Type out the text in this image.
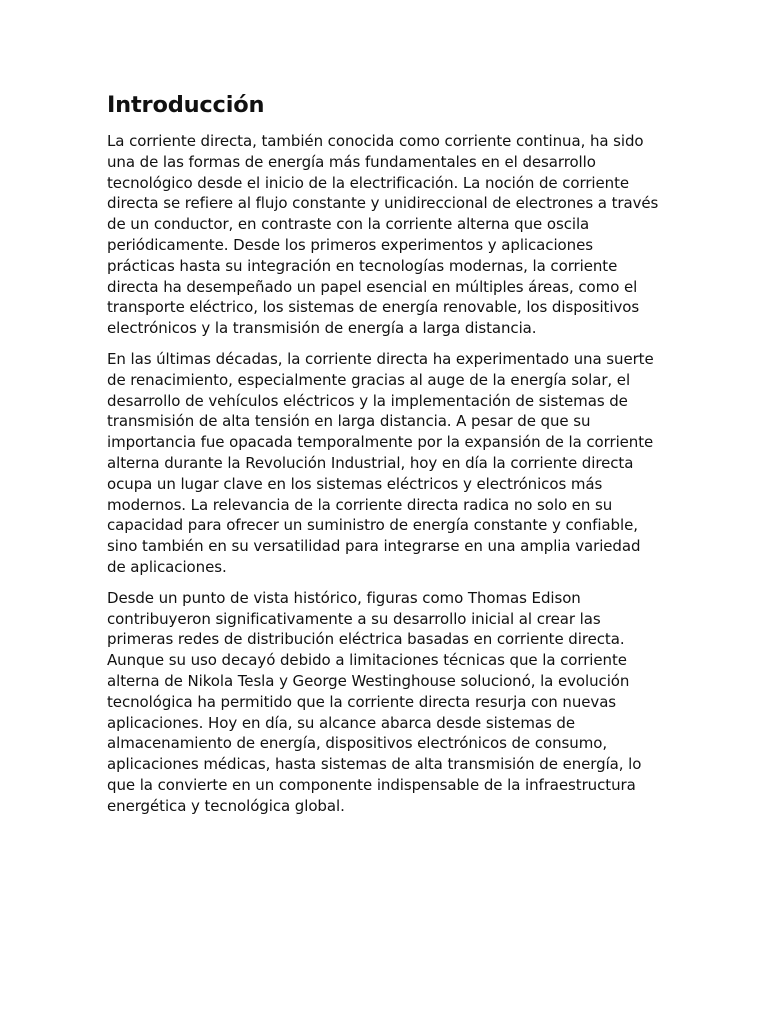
Introducción

La corriente directa, también conocida como corriente continua, ha sido una de las formas de energía más fundamentales en el desarrollo tecnológico desde el inicio de la electrificación. La noción de corriente directa se refiere al flujo constante y unidireccional de electrones a través de un conductor, en contraste con la corriente alterna que oscila periódicamente. Desde los primeros experimentos y aplicaciones prácticas hasta su integración en tecnologías modernas, la corriente directa ha desempeñado un papel esencial en múltiples áreas, como el transporte eléctrico, los sistemas de energía renovable, los dispositivos electrónicos y la transmisión de energía a larga distancia.

En las últimas décadas, la corriente directa ha experimentado una suerte de renacimiento, especialmente gracias al auge de la energía solar, el desarrollo de vehículos eléctricos y la implementación de sistemas de transmisión de alta tensión en larga distancia. A pesar de que su importancia fue opacada temporalmente por la expansión de la corriente alterna durante la Revolución Industrial, hoy en día la corriente directa ocupa un lugar clave en los sistemas eléctricos y electrónicos más modernos. La relevancia de la corriente directa radica no solo en su capacidad para ofrecer un suministro de energía constante y confiable, sino también en su versatilidad para integrarse en una amplia variedad de aplicaciones.

Desde un punto de vista histórico, figuras como Thomas Edison contribuyeron significativamente a su desarrollo inicial al crear las primeras redes de distribución eléctrica basadas en corriente directa. Aunque su uso decayó debido a limitaciones técnicas que la corriente alterna de Nikola Tesla y George Westinghouse solucionó, la evolución tecnológica ha permitido que la corriente directa resurja con nuevas aplicaciones. Hoy en día, su alcance abarca desde sistemas de almacenamiento de energía, dispositivos electrónicos de consumo, aplicaciones médicas, hasta sistemas de alta transmisión de energía, lo que la convierte en un componente indispensable de la infraestructura energética y tecnológica global.
